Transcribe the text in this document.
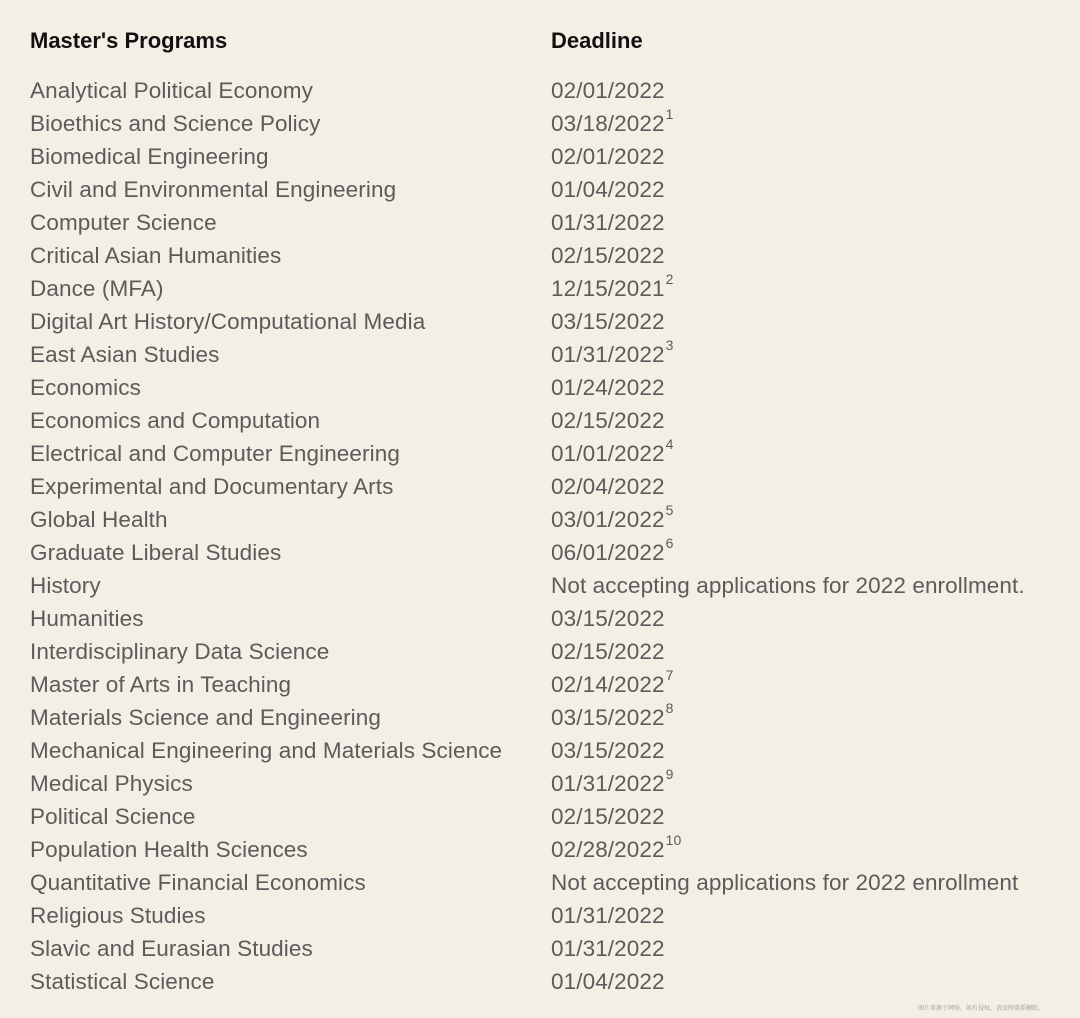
Master's Programs	Deadline
Analytical Political Economy	02/01/2022
Bioethics and Science Policy	03/18/2022$^1$
Biomedical Engineering	02/01/2022
Civil and Environmental Engineering	01/04/2022
Computer Science	01/31/2022
Critical Asian Humanities	02/15/2022
Dance (MFA)	12/15/2021$^2$
Digital Art History/Computational Media	03/15/2022
East Asian Studies	01/31/2022$^3$
Economics	01/24/2022
Economics and Computation	02/15/2022
Electrical and Computer Engineering	01/01/2022$^4$
Experimental and Documentary Arts	02/04/2022
Global Health	03/01/2022$^5$
Graduate Liberal Studies	06/01/2022$^6$
History	Not accepting applications for 2022 enrollment.
Humanities	03/15/2022
Interdisciplinary Data Science	02/15/2022
Master of Arts in Teaching	02/14/2022$^7$
Materials Science and Engineering	03/15/2022$^8$
Mechanical Engineering and Materials Science	03/15/2022
Medical Physics	01/31/2022$^9$
Political Science	02/15/2022
Population Health Sciences	02/28/2022$^{10}$
Quantitative Financial Economics	Not accepting applications for 2022 enrollment
Religious Studies	01/31/2022
Slavic and Eurasian Studies	01/31/2022
Statistical Science	01/04/2022
图片来源于网络，如有侵权，请及时联系删除。
